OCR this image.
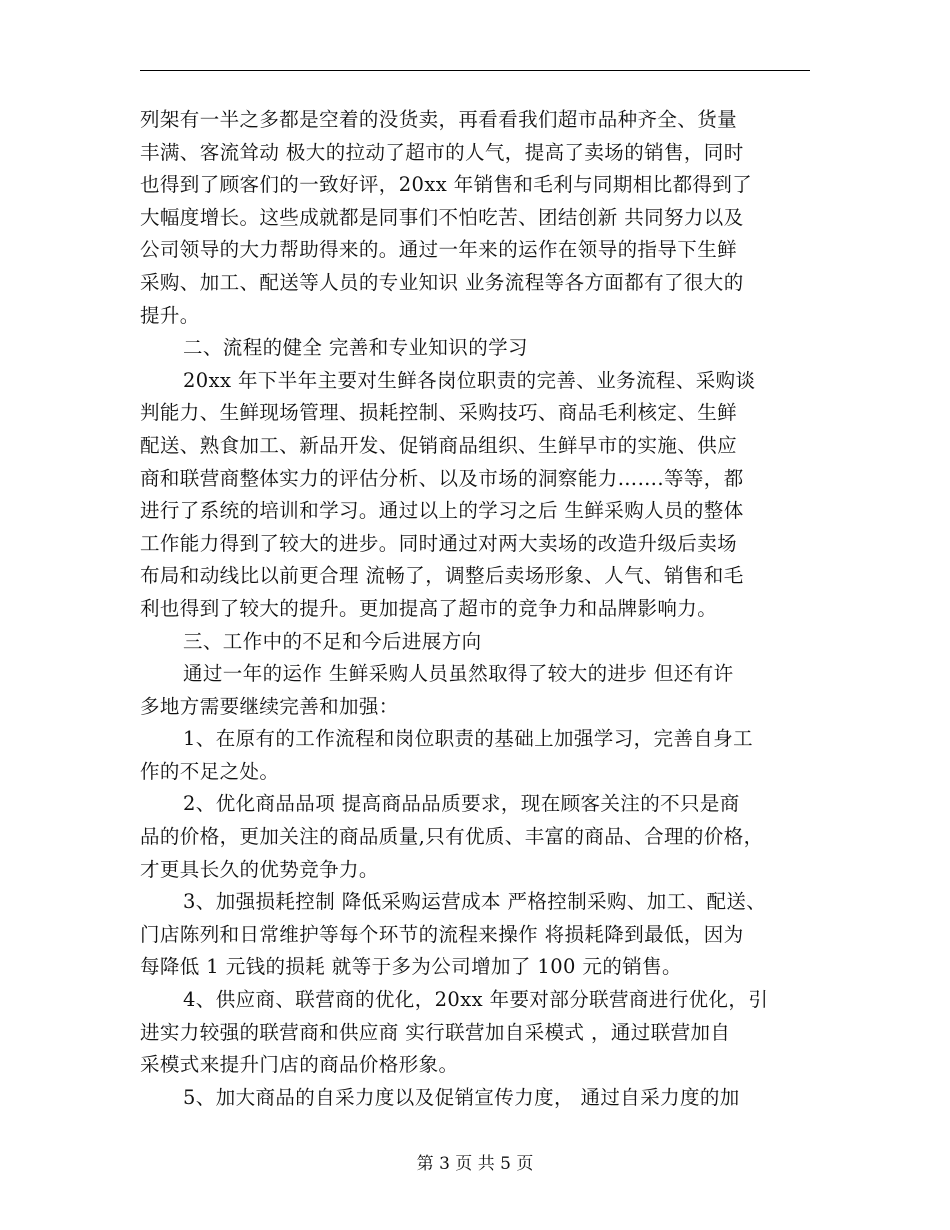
列架有一半之多都是空着的没货卖，再看看我们超市品种齐全、货量
丰满、客流耸动 极大的拉动了超市的人气，提高了卖场的销售，同时
也得到了顾客们的一致好评，20xx 年销售和毛利与同期相比都得到了
大幅度增长。这些成就都是同事们不怕吃苦、团结创新 共同努力以及
公司领导的大力帮助得来的。通过一年来的运作在领导的指导下生鲜
采购、加工、配送等人员的专业知识 业务流程等各方面都有了很大的
提升。
二、流程的健全 完善和专业知识的学习
20xx 年下半年主要对生鲜各岗位职责的完善、业务流程、采购谈
判能力、生鲜现场管理、损耗控制、采购技巧、商品毛利核定、生鲜
配送、熟食加工、新品开发、促销商品组织、生鲜早市的实施、供应
商和联营商整体实力的评估分析、以及市场的洞察能力…….等等，都
进行了系统的培训和学习。通过以上的学习之后 生鲜采购人员的整体
工作能力得到了较大的进步。同时通过对两大卖场的改造升级后卖场
布局和动线比以前更合理 流畅了，调整后卖场形象、人气、销售和毛
利也得到了较大的提升。更加提高了超市的竞争力和品牌影响力。
三、工作中的不足和今后进展方向
通过一年的运作 生鲜采购人员虽然取得了较大的进步 但还有许
多地方需要继续完善和加强：
1、在原有的工作流程和岗位职责的基础上加强学习，完善自身工
作的不足之处。
2、优化商品品项 提高商品品质要求，现在顾客关注的不只是商
品的价格，更加关注的商品质量,只有优质、丰富的商品、合理的价格，
才更具长久的优势竞争力。
3、加强损耗控制 降低采购运营成本 严格控制采购、加工、配送、
门店陈列和日常维护等每个环节的流程来操作 将损耗降到最低，因为
每降低 1 元钱的损耗 就等于多为公司增加了 100 元的销售。
4、供应商、联营商的优化，20xx 年要对部分联营商进行优化，引
进实力较强的联营商和供应商 实行联营加自采模式 ，通过联营加自
采模式来提升门店的商品价格形象。
5、加大商品的自采力度以及促销宣传力度， 通过自采力度的加
第 3 页 共 5 页
